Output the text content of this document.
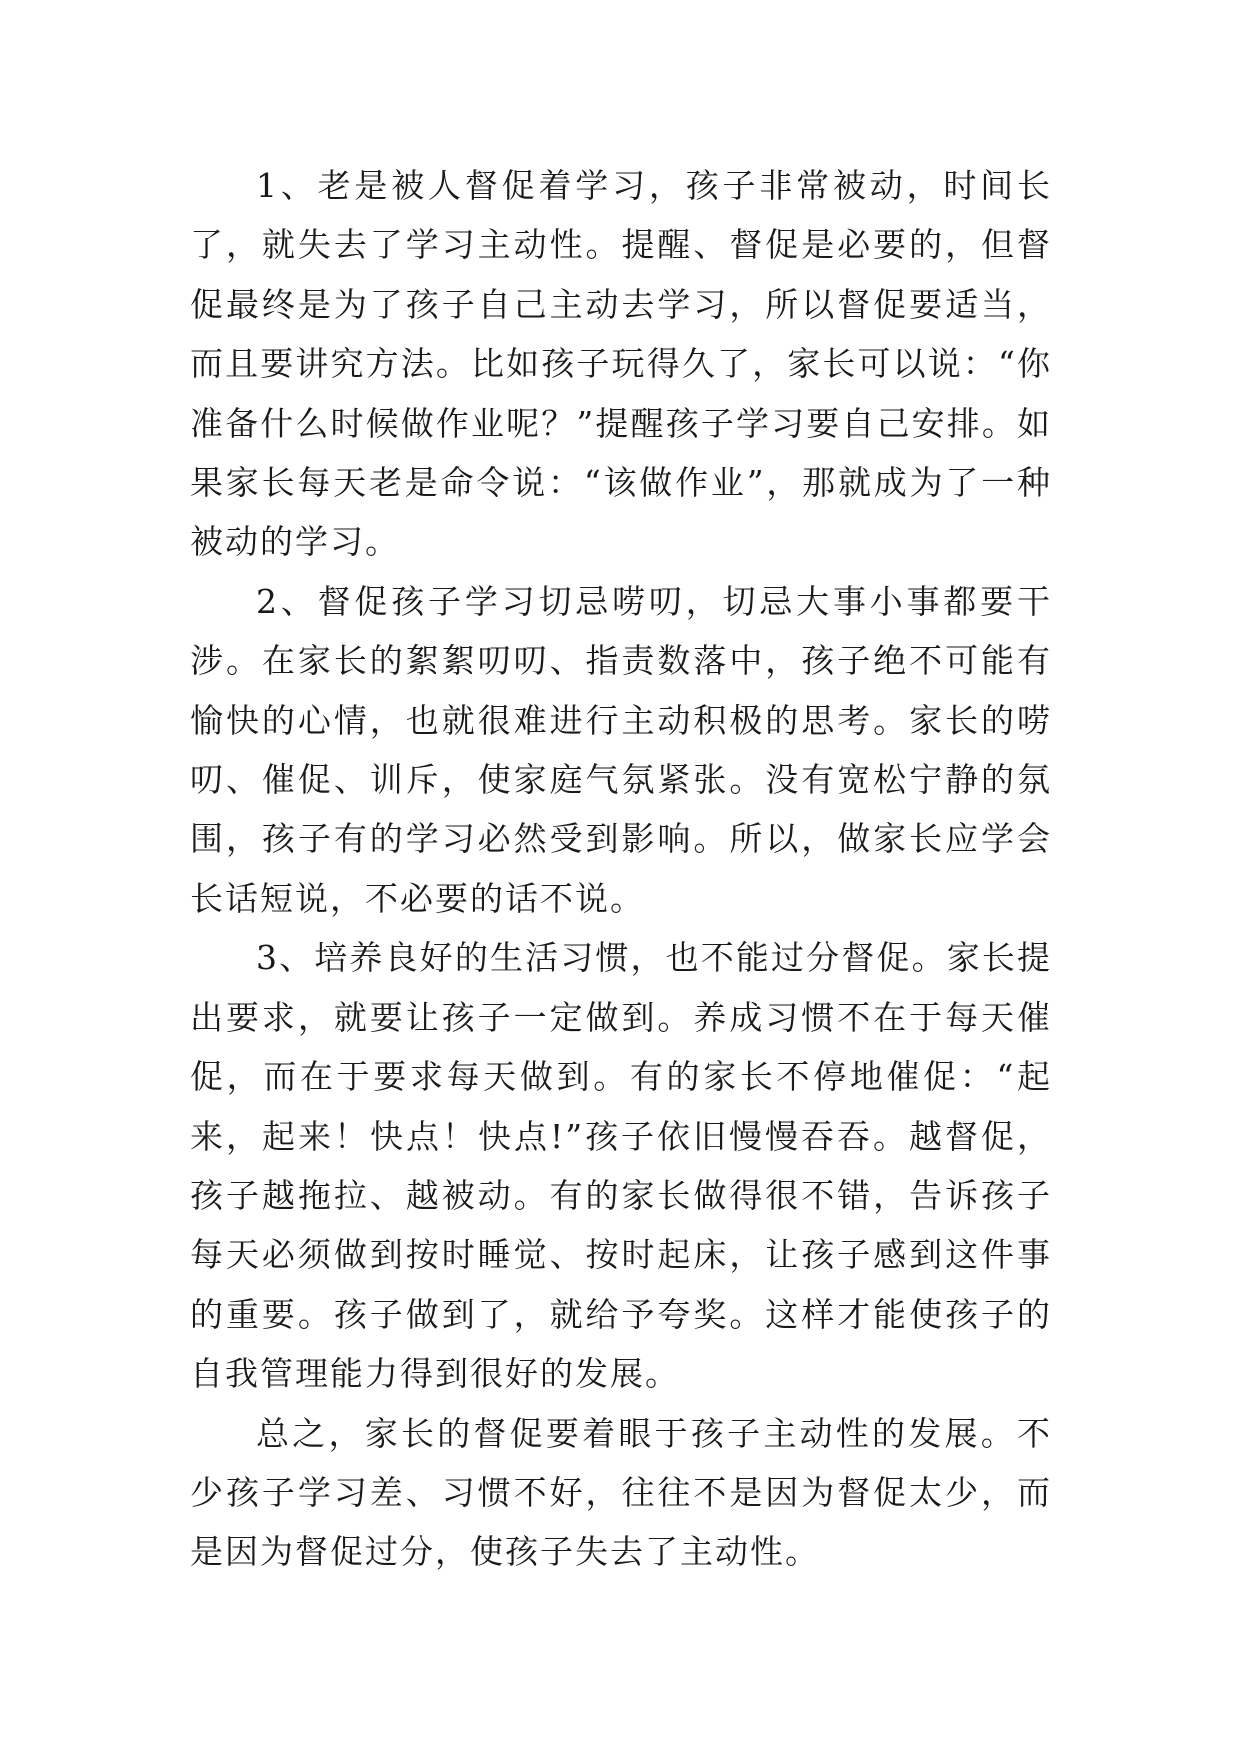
1、老是被人督促着学习，孩子非常被动，时间长了，就失去了学习主动性。提醒、督促是必要的，但督促最终是为了孩子自己主动去学习，所以督促要适当，而且要讲究方法。比如孩子玩得久了，家长可以说：“你准备什么时候做作业呢？”提醒孩子学习要自己安排。如果家长每天老是命令说：“该做作业”，那就成为了一种被动的学习。

2、督促孩子学习切忌唠叨，切忌大事小事都要干涉。在家长的絮絮叨叨、指责数落中，孩子绝不可能有愉快的心情，也就很难进行主动积极的思考。家长的唠叨、催促、训斥，使家庭气氛紧张。没有宽松宁静的氛围，孩子有的学习必然受到影响。所以，做家长应学会长话短说，不必要的话不说。

3、培养良好的生活习惯，也不能过分督促。家长提出要求，就要让孩子一定做到。养成习惯不在于每天催促，而在于要求每天做到。有的家长不停地催促：“起来，起来！快点！快点!”孩子依旧慢慢吞吞。越督促，孩子越拖拉、越被动。有的家长做得很不错，告诉孩子每天必须做到按时睡觉、按时起床，让孩子感到这件事的重要。孩子做到了，就给予夸奖。这样才能使孩子的自我管理能力得到很好的发展。

总之，家长的督促要着眼于孩子主动性的发展。不少孩子学习差、习惯不好，往往不是因为督促太少，而是因为督促过分，使孩子失去了主动性。
